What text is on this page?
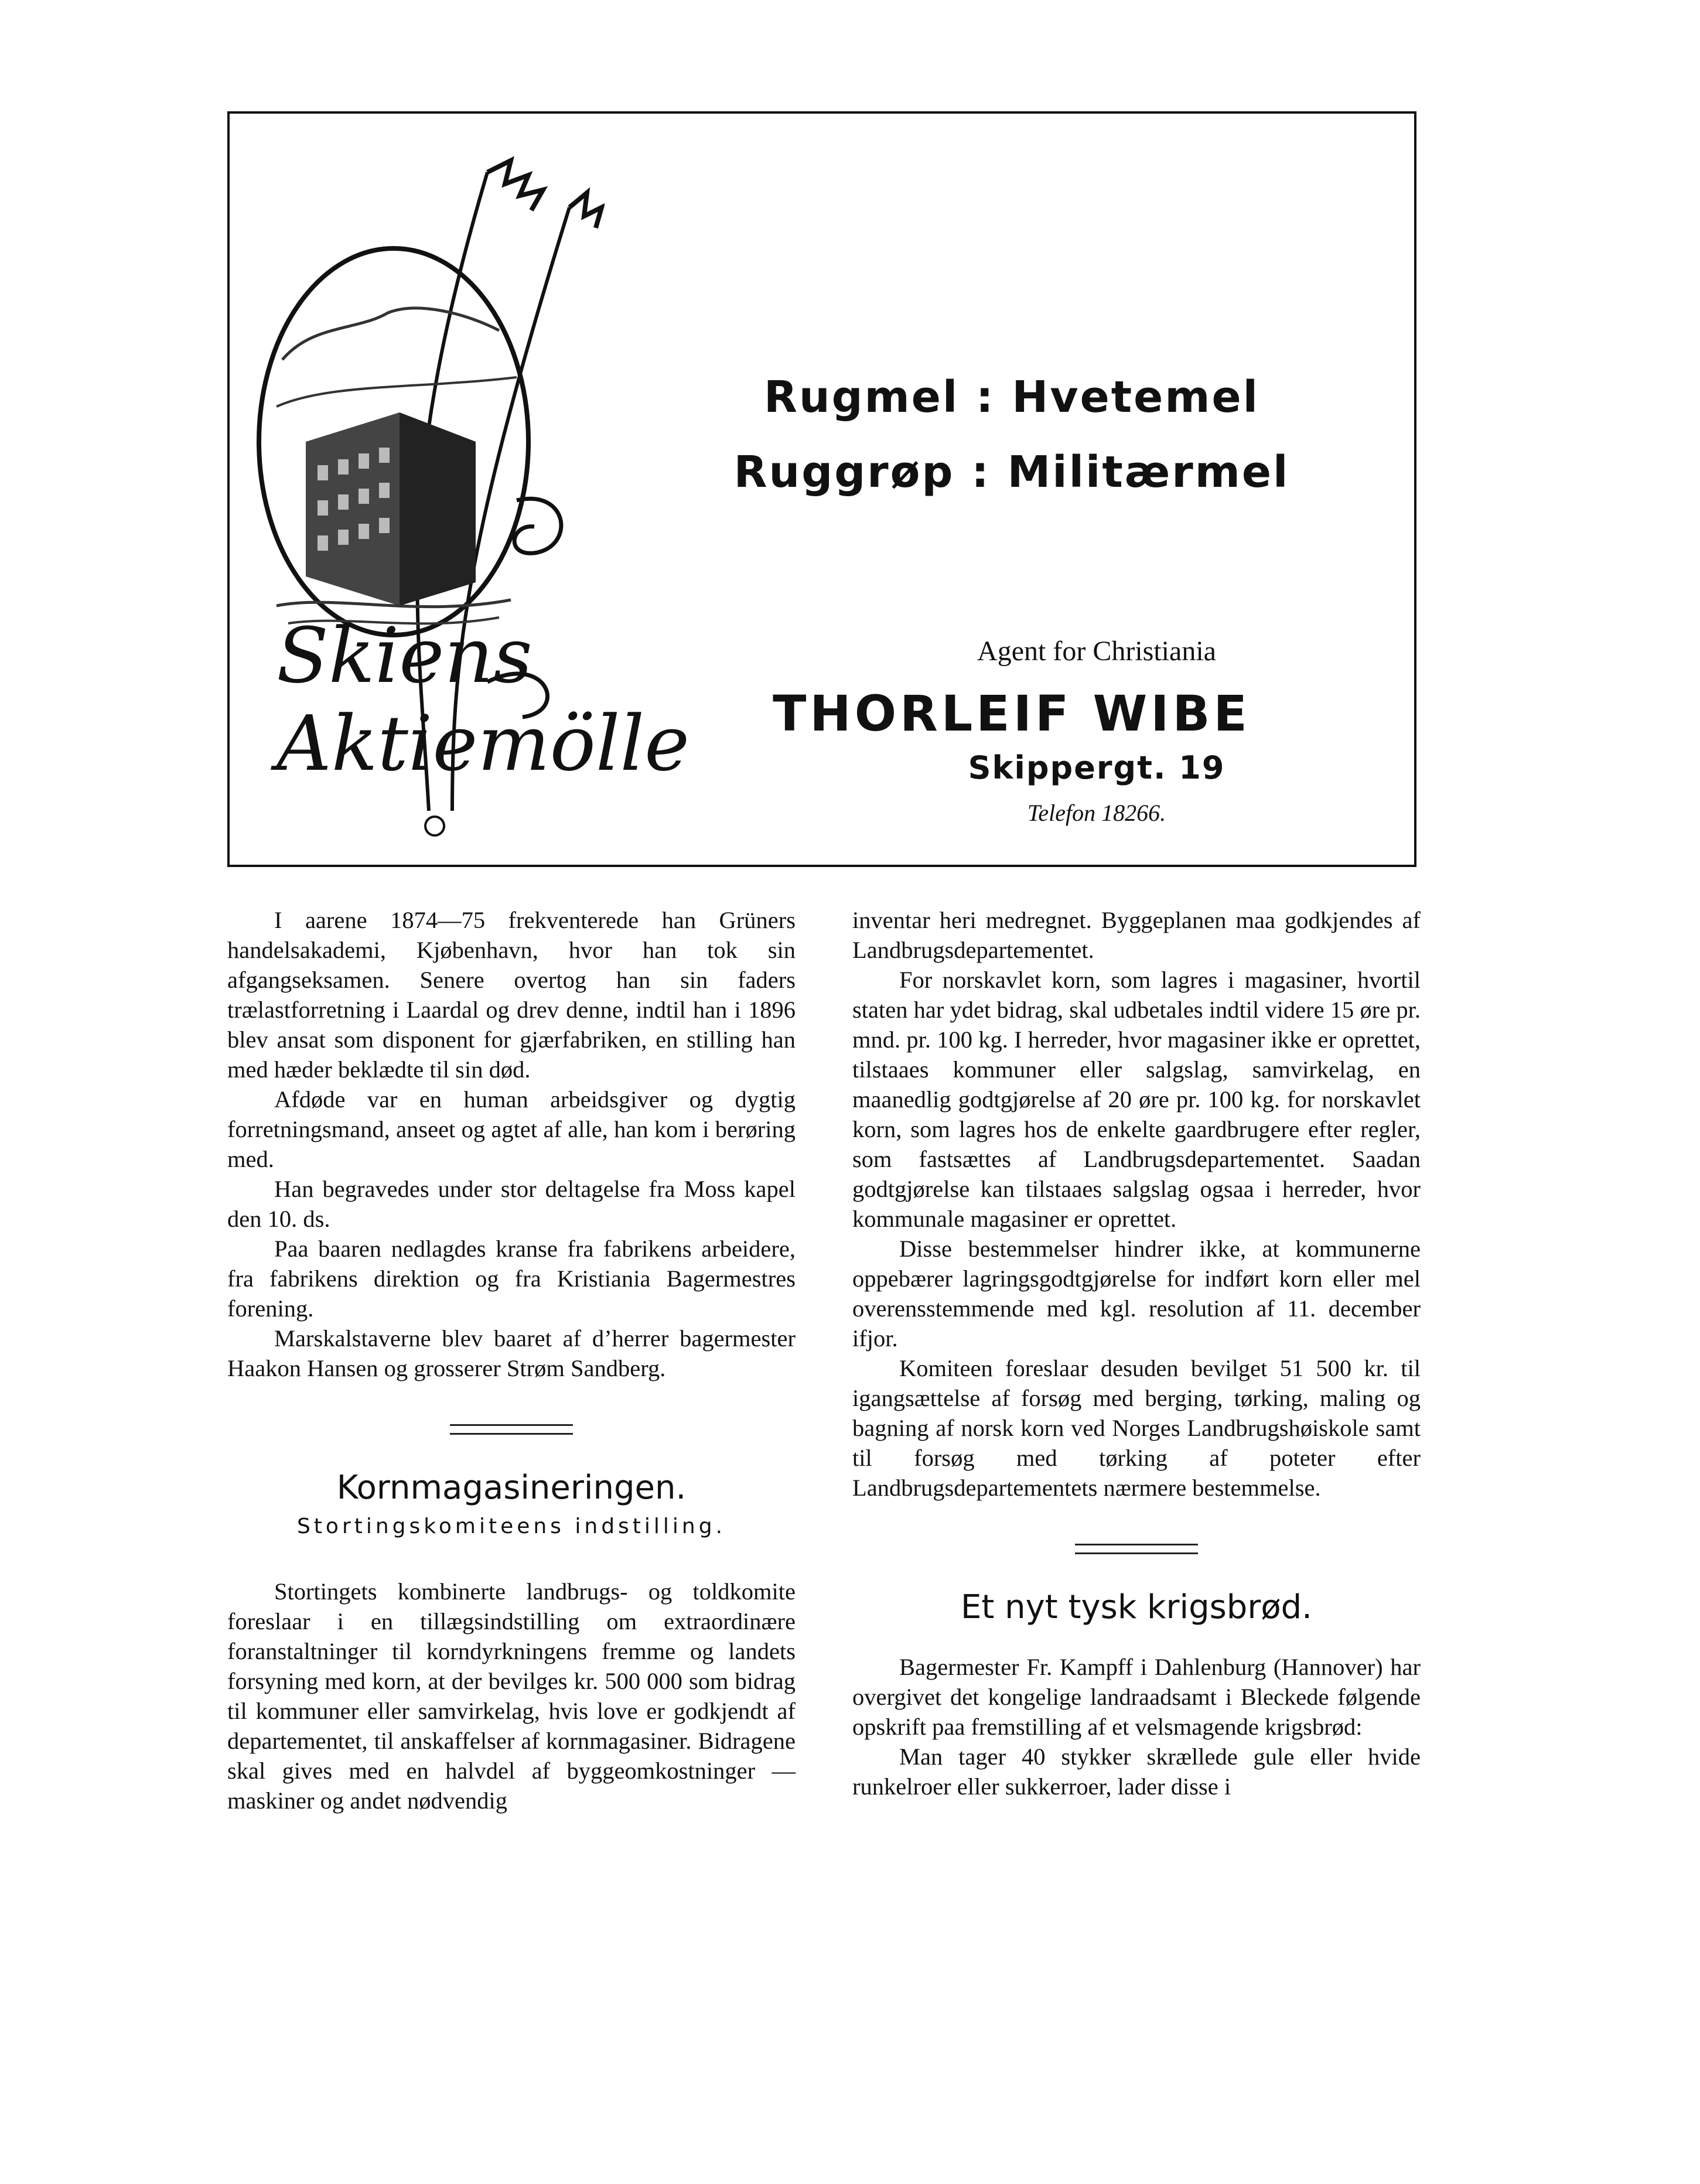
Skiens
Aktiemölle
Rugmel : Hvetemel
Ruggrøp : Militærmel

Agent for Christiania

THORLEIF WIBE

Skippergt. 19

Telefon 18266.

I aarene 1874—75 frekventerede han Grüners handelsakademi, Kjøbenhavn, hvor han tok sin afgangseksamen. Senere overtog han sin faders trælastforretning i Laardal og drev denne, indtil han i 1896 blev ansat som disponent for gjærfabriken, en stilling han med hæder beklædte til sin død.

Afdøde var en human arbeidsgiver og dygtig forretningsmand, anseet og agtet af alle, han kom i berøring med.

Han begravedes under stor deltagelse fra Moss kapel den 10. ds.

Paa baaren nedlagdes kranse fra fabrikens arbeidere, fra fabrikens direktion og fra Kristiania Bagermestres forening.

Marskalstaverne blev baaret af d’herrer bagermester Haakon Hansen og grosserer Strøm Sandberg.

Kornmagasineringen.
Stortingskomiteens indstilling.

Stortingets kombinerte landbrugs- og toldkomite foreslaar i en tillægsindstilling om extraordinære foranstaltninger til korndyrkningens fremme og landets forsyning med korn, at der bevilges kr. 500 000 som bidrag til kommuner eller samvirkelag, hvis love er godkjendt af departementet, til anskaffelser af kornmagasiner. Bidragene skal gives med en halvdel af byggeomkostninger — maskiner og andet nødvendig

inventar heri medregnet. Byggeplanen maa godkjendes af Landbrugsdepartementet.

For norskavlet korn, som lagres i magasiner, hvortil staten har ydet bidrag, skal udbetales indtil videre 15 øre pr. mnd. pr. 100 kg. I herreder, hvor magasiner ikke er oprettet, tilstaaes kommuner eller salgslag, samvirkelag, en maanedlig godtgjørelse af 20 øre pr. 100 kg. for norskavlet korn, som lagres hos de enkelte gaardbrugere efter regler, som fastsættes af Landbrugsdepartementet. Saadan godtgjørelse kan tilstaaes salgslag ogsaa i herreder, hvor kommunale magasiner er oprettet.

Disse bestemmelser hindrer ikke, at kommunerne oppebærer lagringsgodtgjørelse for indført korn eller mel overensstemmende med kgl. resolution af 11. december ifjor.

Komiteen foreslaar desuden bevilget 51 500 kr. til igangsættelse af forsøg med berging, tørking, maling og bagning af norsk korn ved Norges Landbrugshøiskole samt til forsøg med tørking af poteter efter Landbrugsdepartementets nærmere bestemmelse.

Et nyt tysk krigsbrød.

Bagermester Fr. Kampff i Dahlenburg (Hannover) har overgivet det kongelige landraadsamt i Bleckede følgende opskrift paa fremstilling af et velsmagende krigsbrød:

Man tager 40 stykker skrællede gule eller hvide runkelroer eller sukkerroer, lader disse i
